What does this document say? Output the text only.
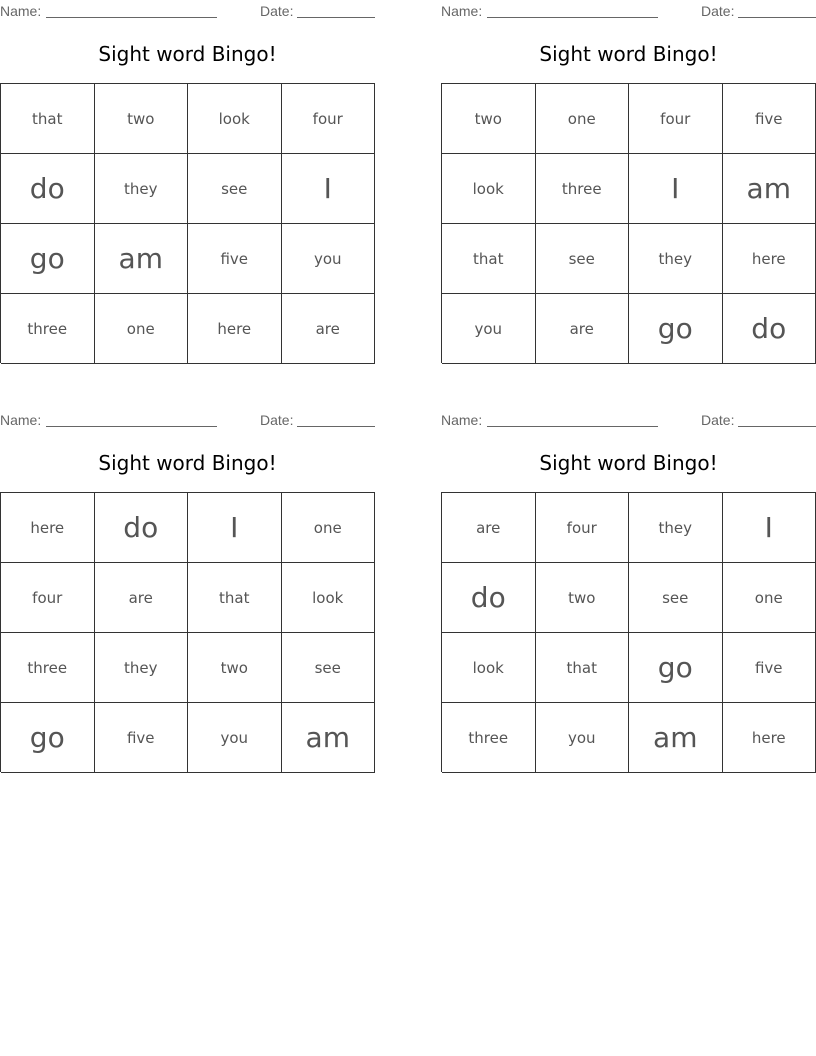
Name:	Date:
Sight word Bingo!
that	two	look	four
do	they	see	I
go	am	five	you
three	one	here	are
Name:	Date:
Sight word Bingo!
two	one	four	five
look	three	I	am
that	see	they	here
you	are	go	do
Name:	Date:
Sight word Bingo!
here	do	I	one
four	are	that	look
three	they	two	see
go	five	you	am
Name:	Date:
Sight word Bingo!
are	four	they	I
do	two	see	one
look	that	go	five
three	you	am	here
